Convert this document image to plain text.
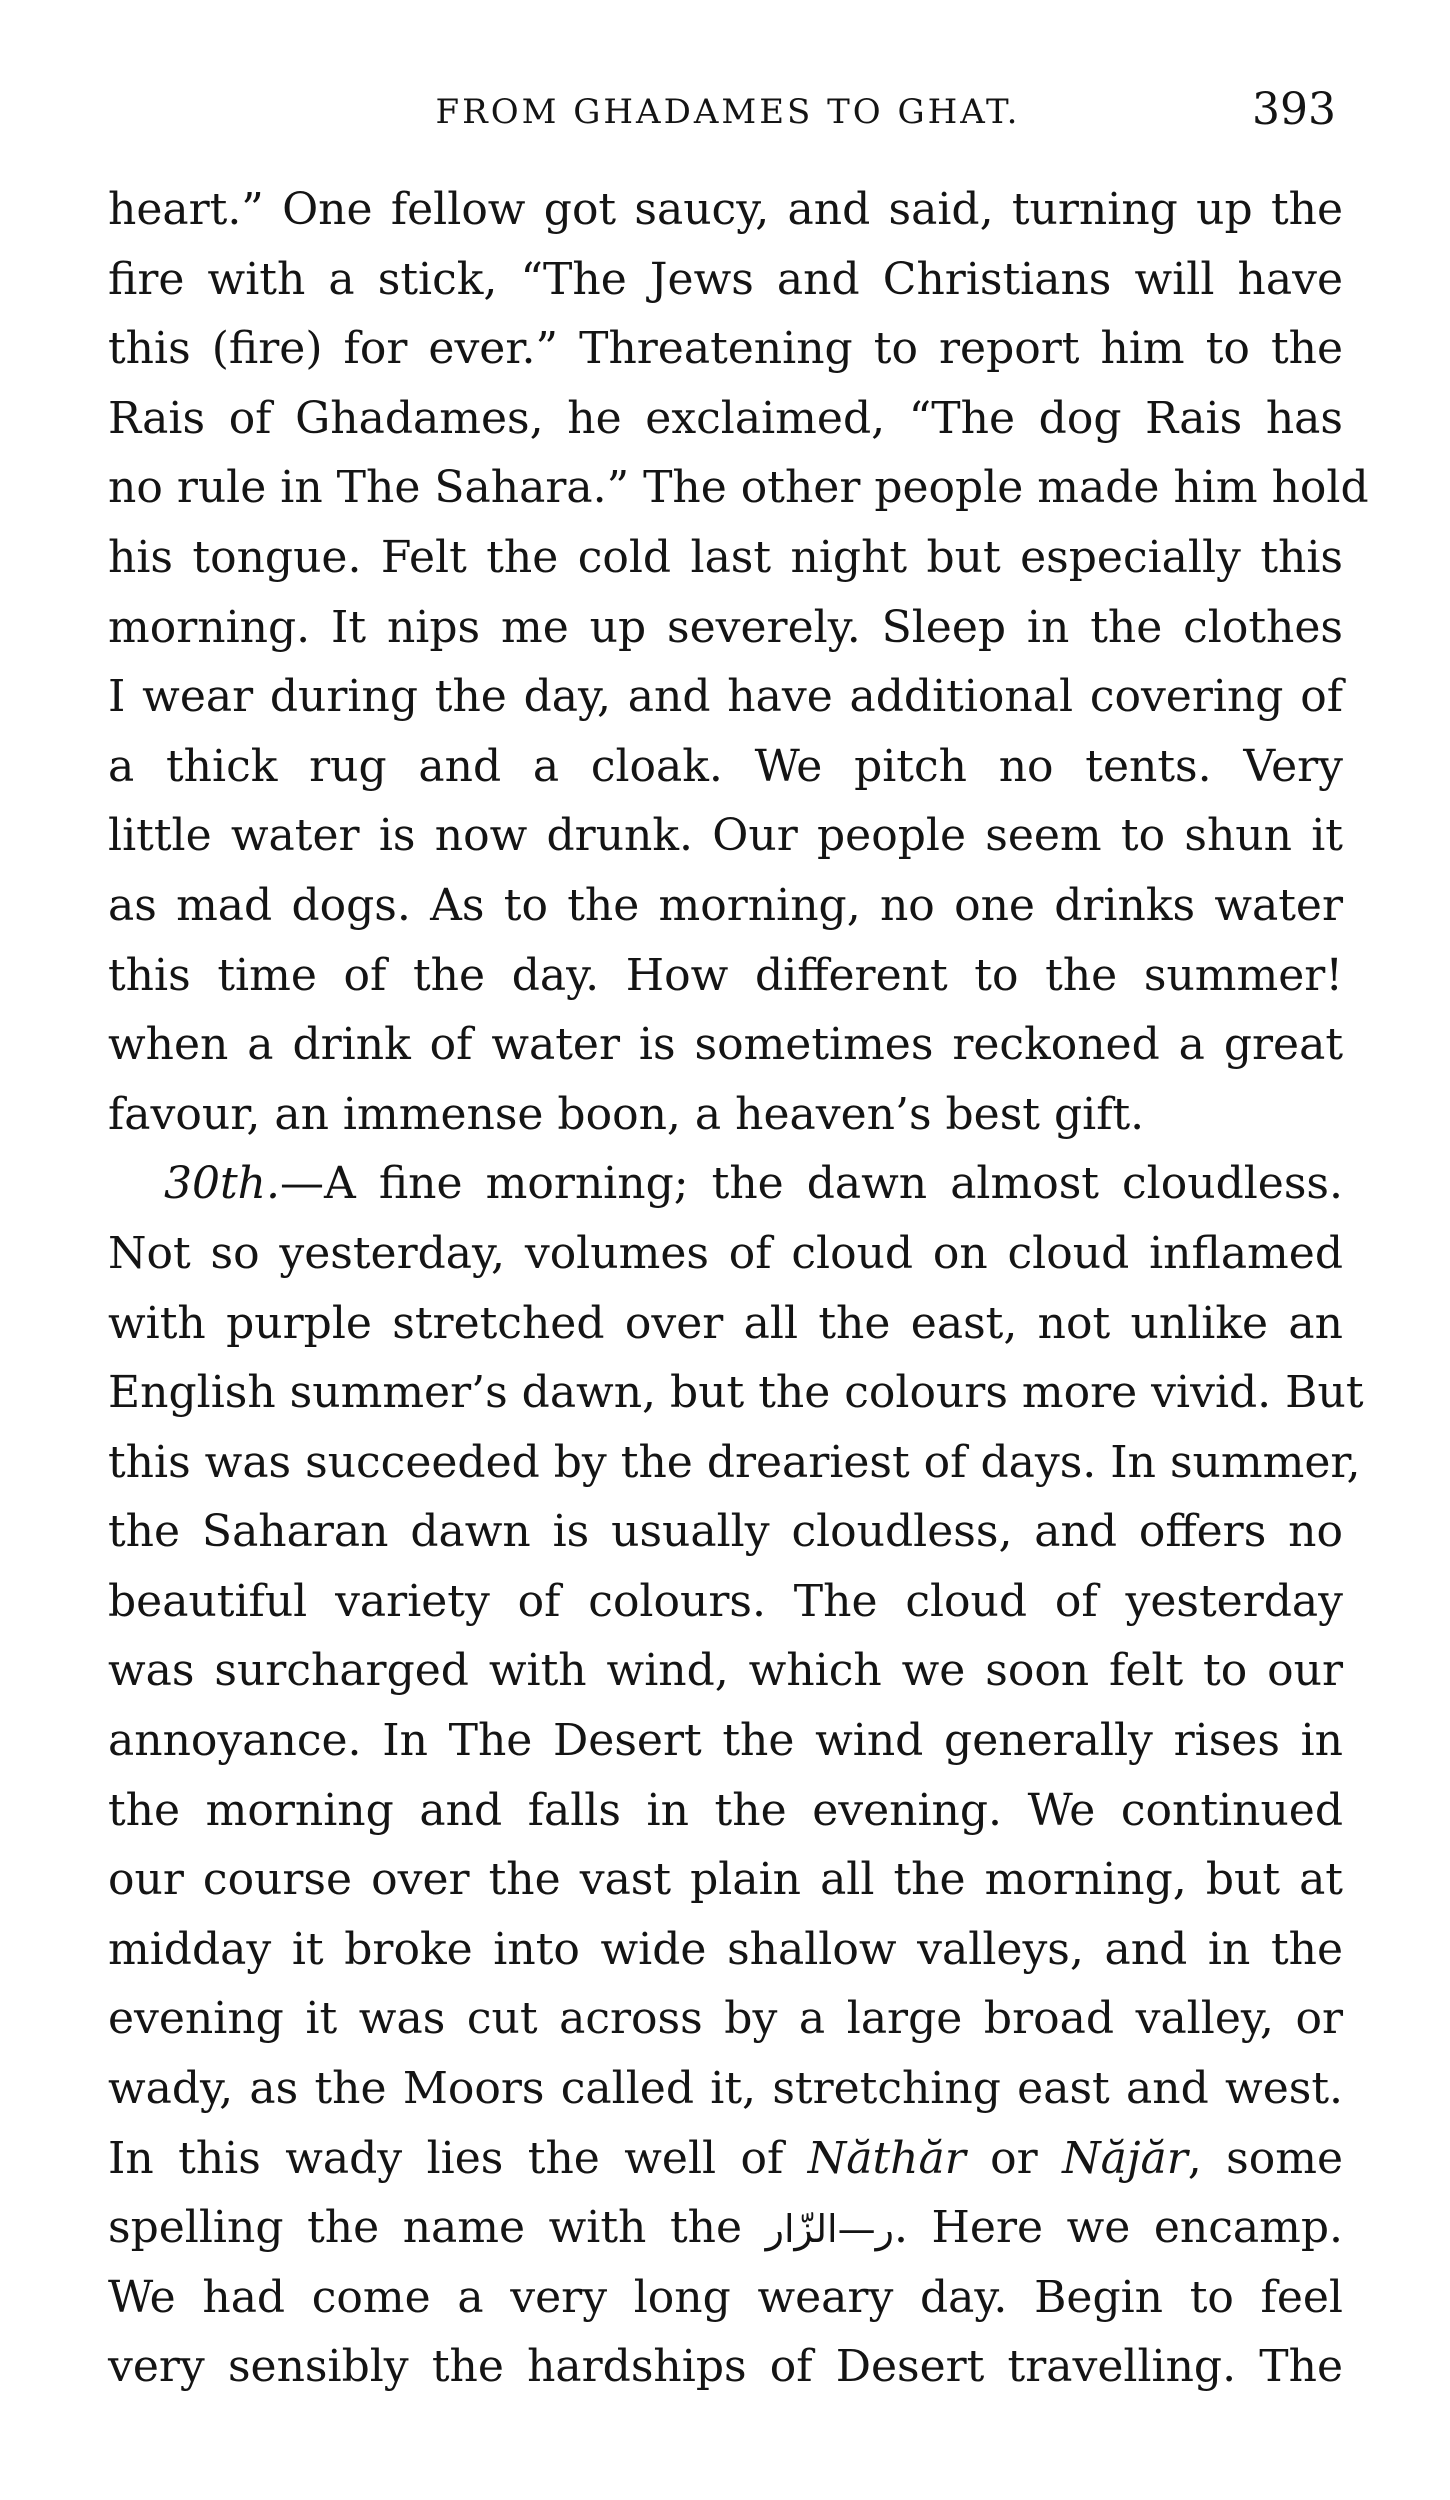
FROM GHADAMES TO GHAT.	393
heart.” One fellow got saucy, and said, turning up the
fire with a stick, “The Jews and Christians will have
this (fire) for ever.” Threatening to report him to the
Rais of Ghadames, he exclaimed, “The dog Rais has
no rule in The Sahara.” The other people made him hold
his tongue. Felt the cold last night but especially this
morning. It nips me up severely. Sleep in the clothes
I wear during the day, and have additional covering of
a thick rug and a cloak. We pitch no tents. Very
little water is now drunk. Our people seem to shun it
as mad dogs. As to the morning, no one drinks water
this time of the day. How different to the summer!
when a drink of water is sometimes reckoned a great
favour, an immense boon, a heaven’s best gift.
30th.—A fine morning; the dawn almost cloudless.
Not so yesterday, volumes of cloud on cloud inflamed
with purple stretched over all the east, not unlike an
English summer’s dawn, but the colours more vivid. But
this was succeeded by the dreariest of days. In summer,
the Saharan dawn is usually cloudless, and offers no
beautiful variety of colours. The cloud of yesterday
was surcharged with wind, which we soon felt to our
annoyance. In The Desert the wind generally rises in
the morning and falls in the evening. We continued
our course over the vast plain all the morning, but at
midday it broke into wide shallow valleys, and in the
evening it was cut across by a large broad valley, or
wady, as the Moors called it, stretching east and west.
In this wady lies the well of Năthăr or Năjăr, some
spelling the name with the ر—الزّار. Here we encamp.
We had come a very long weary day. Begin to feel
very sensibly the hardships of Desert travelling. The
